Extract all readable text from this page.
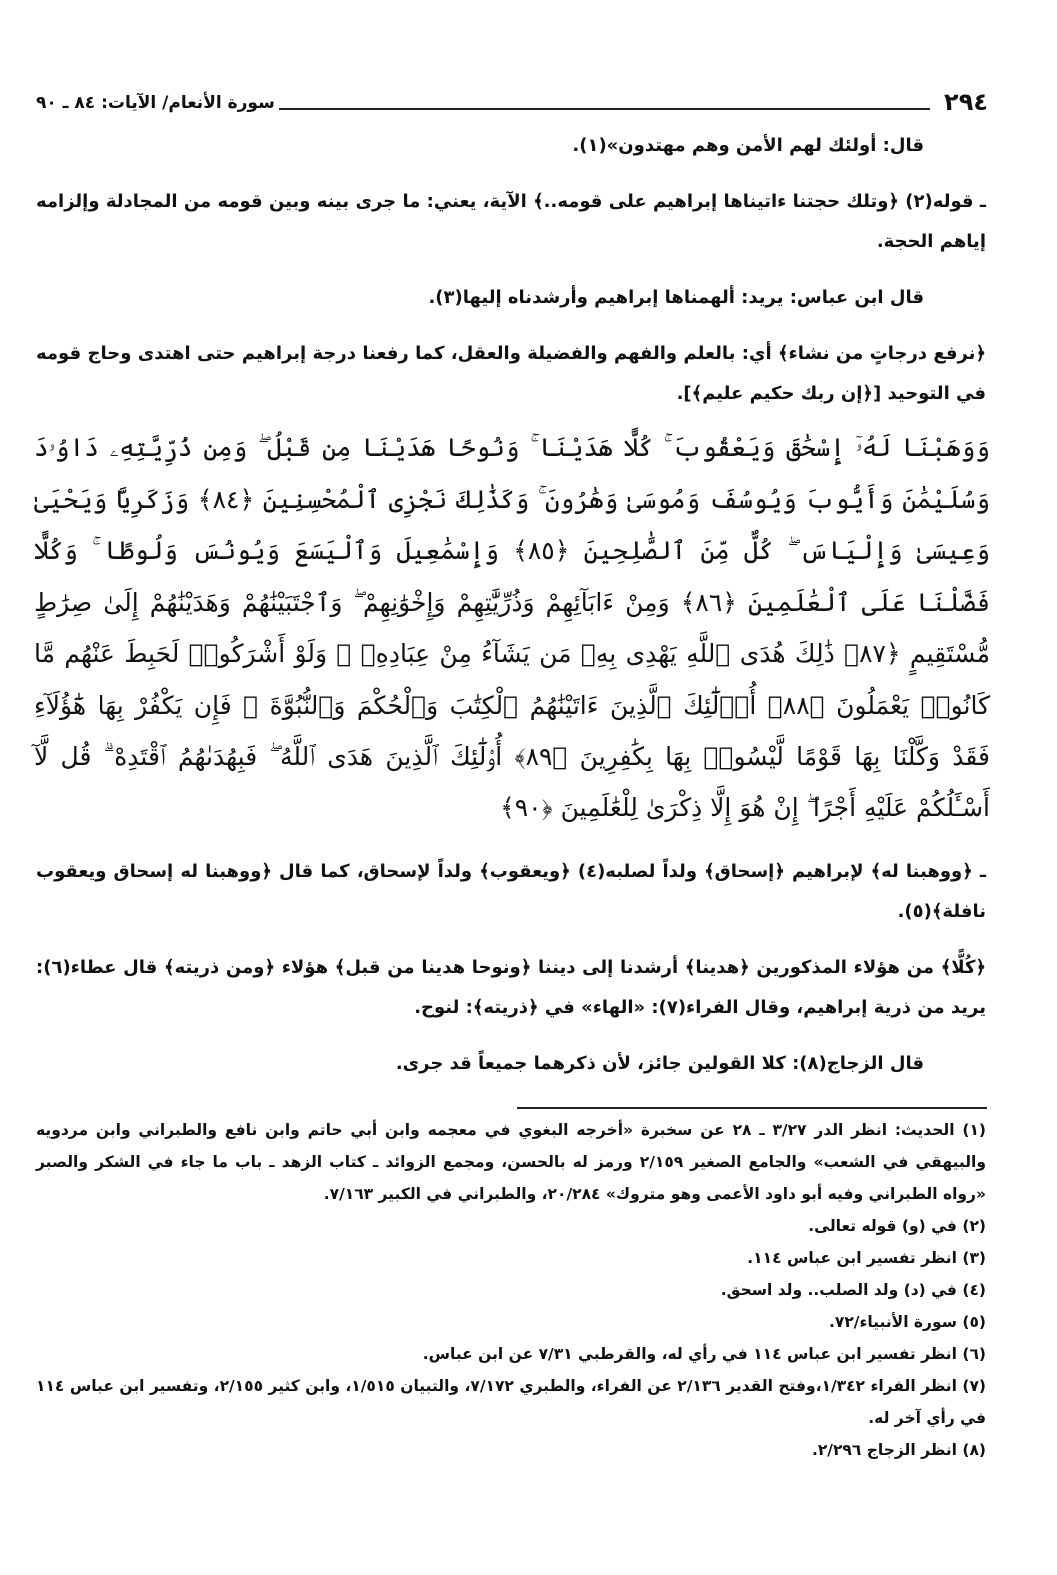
٢٩٤
سورة الأنعام/ الآيات: ٨٤ ـ ٩٠

قال: أولئك لهم الأمن وهم مهتدون»(١).

ـ قوله(٢) ﴿وتلك حجتنا ءاتيناها إبراهيم على قومه..﴾ الآية، يعني: ما جرى بينه وبين قومه من المجادلة وإلزامه إياهم الحجة.

قال ابن عباس: يريد: ألهمناها إبراهيم وأرشدناه إليها(٣).

﴿نرفع درجاتٍ من نشاء﴾ أي: بالعلم والفهم والفضيلة والعقل، كما رفعنا درجة إبراهيم حتى اهتدى وحاج قومه في التوحيد [﴿إن ربك حكيم عليم﴾].

وَوَهَبْنَا لَهُۥٓ إِسْحَٰقَ وَيَعْقُوبَ ۚ كُلًّا هَدَيْنَا ۚ وَنُوحًا هَدَيْنَا مِن قَبْلُ ۖ وَمِن ذُرِّيَّتِهِۦ دَاوُۥدَ وَسُلَيْمَٰنَ وَأَيُّوبَ وَيُوسُفَ وَمُوسَىٰ وَهَٰرُونَ ۚ وَكَذَٰلِكَ نَجْزِى ٱلْمُحْسِنِينَ ﴿٨٤﴾ وَزَكَرِيَّا وَيَحْيَىٰ وَعِيسَىٰ وَإِلْيَاسَ ۖ كُلٌّ مِّنَ ٱلصَّٰلِحِينَ ﴿٨٥﴾ وَإِسْمَٰعِيلَ وَٱلْيَسَعَ وَيُونُسَ وَلُوطًا ۚ وَكُلًّا فَضَّلْنَا عَلَى ٱلْعَٰلَمِينَ ﴿٨٦﴾ وَمِنْ ءَابَآئِهِمْ وَذُرِّيَّٰتِهِمْ وَإِخْوَٰنِهِمْ ۖ وَٱجْتَبَيْنَٰهُمْ وَهَدَيْنَٰهُمْ إِلَىٰ صِرَٰطٍ مُّسْتَقِيمٍ ﴿٨٧﴾ ذَٰلِكَ هُدَى ٱللَّهِ يَهْدِى بِهِۦ مَن يَشَآءُ مِنْ عِبَادِهِۦ ۚ وَلَوْ أَشْرَكُوا۟ لَحَبِطَ عَنْهُم مَّا كَانُوا۟ يَعْمَلُونَ ﴿٨٨﴾ أُو۟لَٰٓئِكَ ٱلَّذِينَ ءَاتَيْنَٰهُمُ ٱلْكِتَٰبَ وَٱلْحُكْمَ وَٱلنُّبُوَّةَ ۚ فَإِن يَكْفُرْ بِهَا هَٰٓؤُلَآءِ فَقَدْ وَكَّلْنَا بِهَا قَوْمًا لَّيْسُوا۟ بِهَا بِكَٰفِرِينَ ﴿٨٩﴾ أُو۟لَٰٓئِكَ ٱلَّذِينَ هَدَى ٱللَّهُ ۖ فَبِهُدَىٰهُمُ ٱقْتَدِهْ ۗ قُل لَّآ
أَسْـَٔلُكُمْ عَلَيْهِ أَجْرًا ۖ إِنْ هُوَ إِلَّا ذِكْرَىٰ لِلْعَٰلَمِينَ ﴿٩٠﴾

ـ ﴿ووهبنا له﴾ لإبراهيم ﴿إسحاق﴾ ولداً لصلبه(٤) ﴿ويعقوب﴾ ولداً لإسحاق، كما قال ﴿ووهبنا له إسحاق ويعقوب نافلة﴾(٥).

﴿كُلًّا﴾ من هؤلاء المذكورين ﴿هدينا﴾ أرشدنا إلى ديننا ﴿ونوحا هدينا من قبل﴾ هؤلاء ﴿ومن ذريته﴾ قال عطاء(٦): يريد من ذرية إبراهيم، وقال الفراء(٧): «الهاء» في ﴿ذريته﴾: لنوح.

قال الزجاج(٨): كلا القولين جائز، لأن ذكرهما جميعاً قد جرى.

(١) الحديث: انظر الدر ٣/٢٧ ـ ٢٨ عن سخبرة «أخرجه البغوي في معجمه وابن أبي حاتم وابن نافع والطبراني وابن مردويه والبيهقي في الشعب» والجامع الصغير ٢/١٥٩ ورمز له بالحسن، ومجمع الزوائد ـ كتاب الزهد ـ باب ما جاء في الشكر والصبر «رواه الطبراني وفيه أبو داود الأعمى وهو متروك» ٢٠/٢٨٤، والطبراني في الكبير ٧/١٦٣.

(٢) في (و) قوله تعالى.

(٣) انظر تفسير ابن عباس ١١٤.

(٤) في (د) ولد الصلب.. ولد اسحق.

(٥) سورة الأنبياء/٧٢.

(٦) انظر تفسير ابن عباس ١١٤ في رأي له، والقرطبي ٧/٣١ عن ابن عباس.

(٧) انظر الفراء ١/٣٤٢،وفتح القدير ٢/١٣٦ عن الفراء، والطبري ٧/١٧٢، والتبيان ١/٥١٥، وابن كثير ٢/١٥٥، وتفسير ابن عباس ١١٤ في رأي آخر له.

(٨) انظر الزجاج ٢/٢٩٦.
